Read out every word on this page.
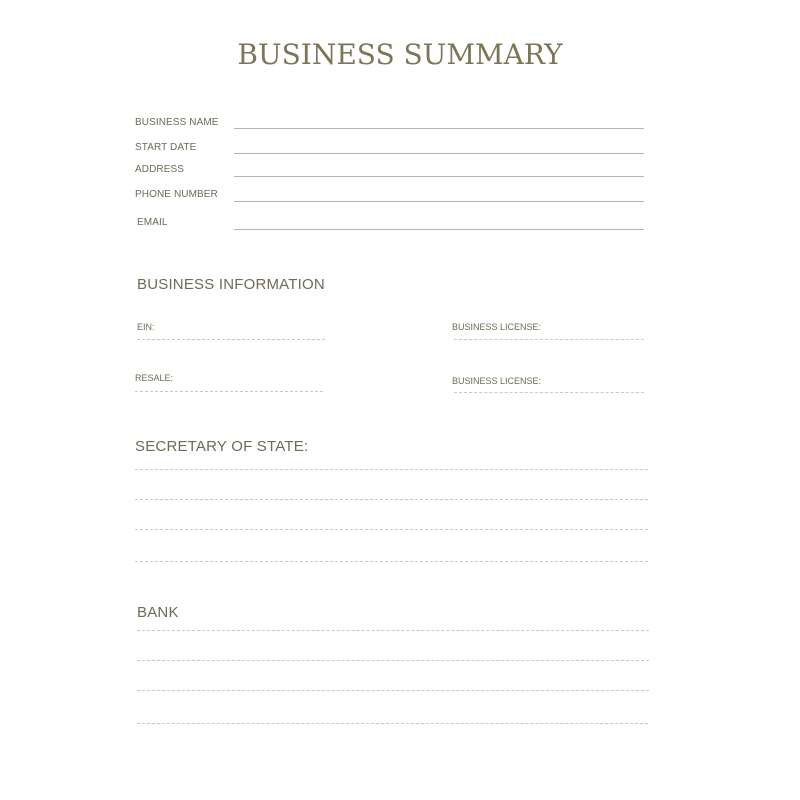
BUSINESS SUMMARY
BUSINESS NAME
START DATE
ADDRESS
PHONE NUMBER
EMAIL
BUSINESS INFORMATION
EIN:	BUSINESS LICENSE:
RESALE:	BUSINESS LICENSE:
SECRETARY OF STATE:
BANK
